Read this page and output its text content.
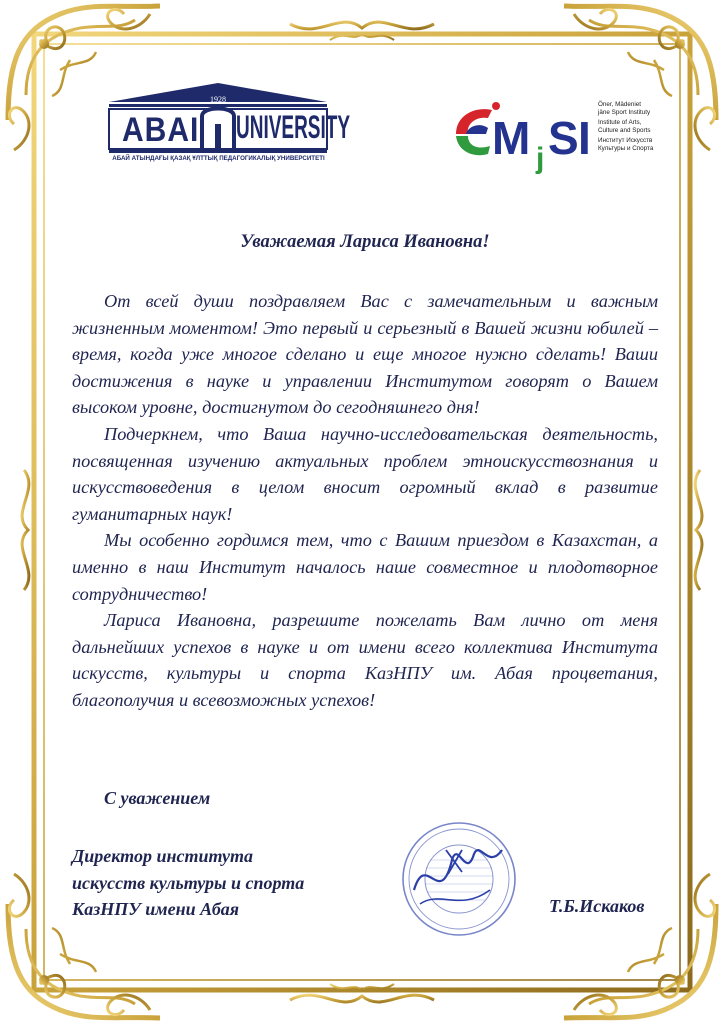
ABAI UNIVERSITY
1928
АБАЙ АТЫНДАҒЫ ҚАЗАҚ ҰЛТТЫҚ ПЕДАГОГИКАЛЫҚ УНИВЕРСИТЕТІ	M j S I
Öner, Mädeniet
jäne Sport Instituty
Institute of Arts,
Culture and Sports
Институт Искусств
Культуры и Спорта

Уважаемая Лариса Ивановна!

От всей души поздравляем Вас с замечательным и важным жизненным моментом! Это первый и серьезный в Вашей жизни юбилей – время, когда уже многое сделано и еще многое нужно сделать! Ваши достижения в науке и управлении Институтом говорят о Вашем высоком уровне, достигнутом до сегодняшнего дня!

Подчеркнем, что Ваша научно-исследовательская деятельность, посвященная изучению актуальных проблем этноискусствознания и искусствоведения в целом вносит огромный вклад в развитие гуманитарных наук!

Мы особенно гордимся тем, что с Вашим приездом в Казахстан, а именно в наш Институт началось наше совместное и плодотворное сотрудничество!

Лариса Ивановна, разрешите пожелать Вам лично от меня дальнейших успехов в науке и от имени всего коллектива Института искусств, культуры и спорта КазНПУ им. Абая процветания, благополучия и всевозможных успехов!

С уважением
Директор института
искусств культуры и спорта
КазНПУ имени Абая	Т.Б.Искаков
